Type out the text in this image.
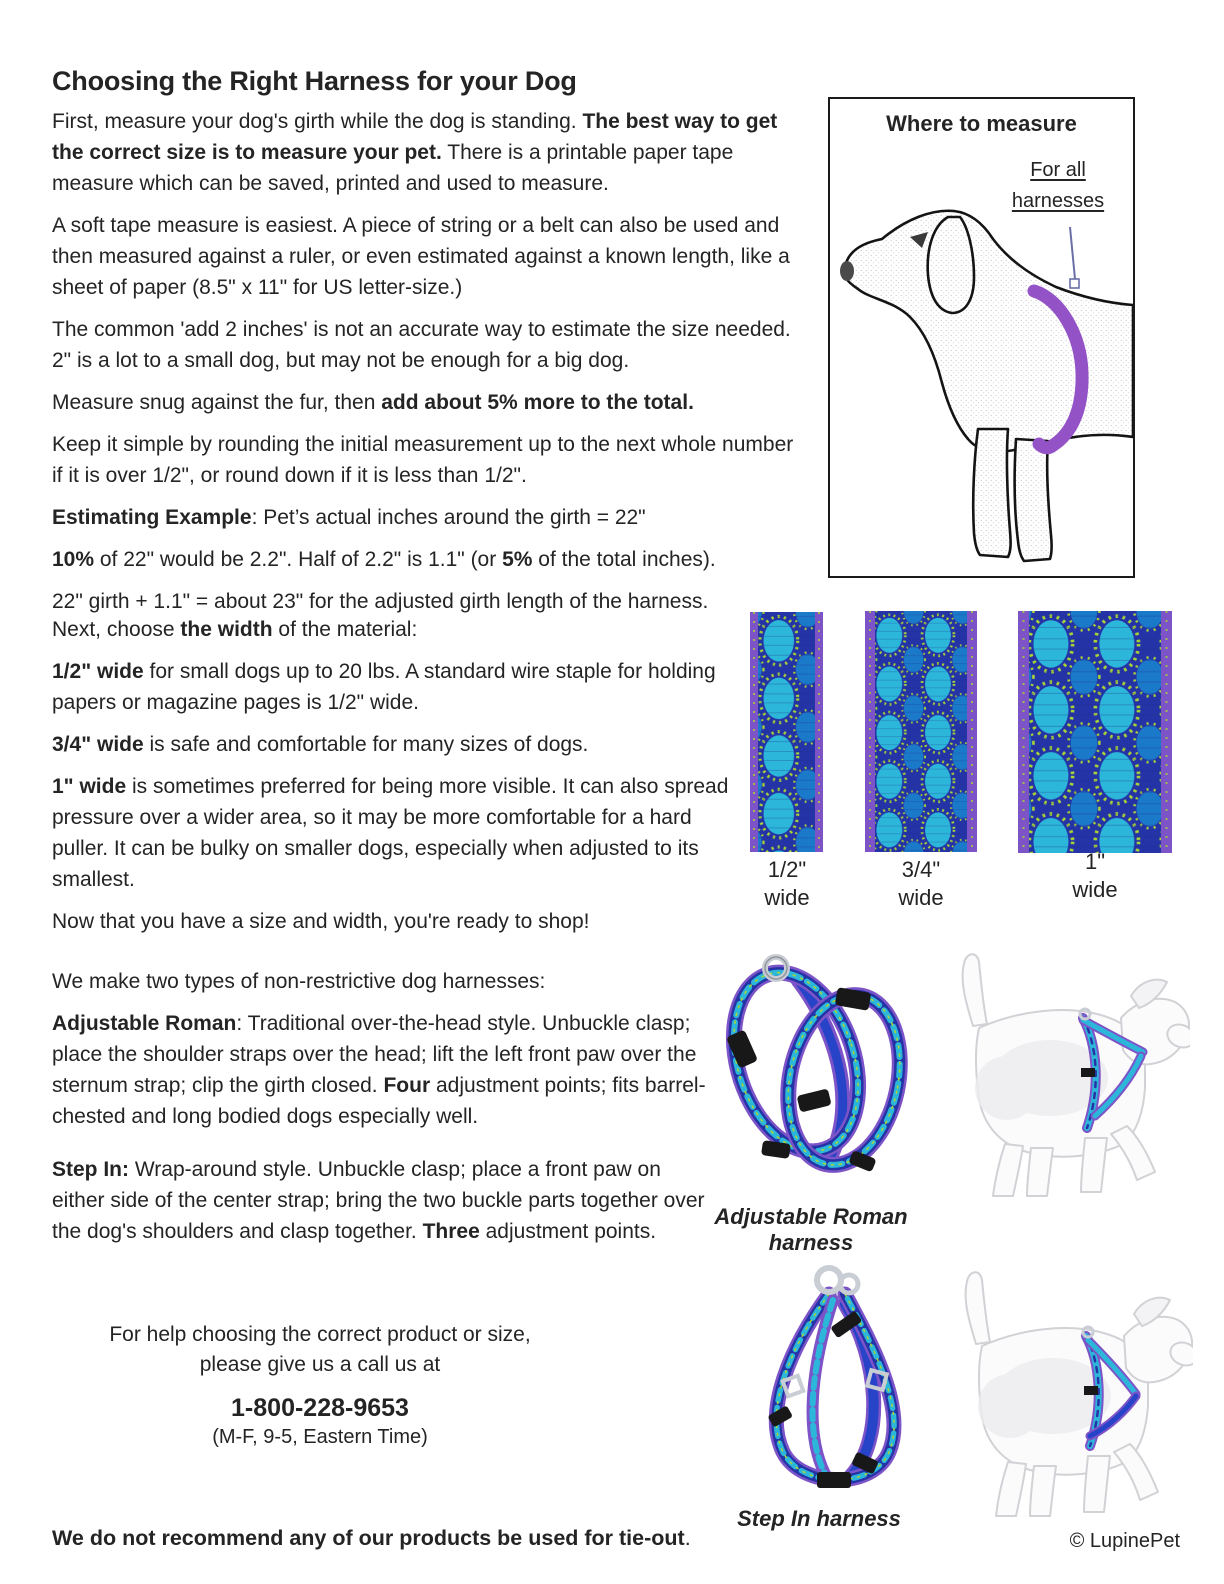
Choosing the Right Harness for your Dog

First, measure your dog's girth while the dog is standing. The best way to get the correct size is to measure your pet. There is a printable paper tape measure which can be saved, printed and used to measure.

A soft tape measure is easiest. A piece of string or a belt can also be used and then measured against a ruler, or even estimated against a known length, like a sheet of paper (8.5" x 11" for US letter-size.)

The common 'add 2 inches' is not an accurate way to estimate the size needed. 2" is a lot to a small dog, but may not be enough for a big dog.

Measure snug against the fur, then add about 5% more to the total.

Keep it simple by rounding the initial measurement up to the next whole number if it is over 1/2", or round down if it is less than 1/2".

Estimating Example: Pet’s actual inches around the girth = 22"

10% of 22" would be 2.2". Half of 2.2" is 1.1" (or 5% of the total inches).

22" girth + 1.1" = about 23" for the adjusted girth length of the harness.

Next, choose the width of the material:

1/2" wide for small dogs up to 20 lbs. A standard wire staple for holding papers or magazine pages is 1/2" wide.

3/4" wide is safe and comfortable for many sizes of dogs.

1" wide is sometimes preferred for being more visible. It can also spread pressure over a wider area, so it may be more comfortable for a hard puller. It can be bulky on smaller dogs, especially when adjusted to its smallest.

Now that you have a size and width, you're ready to shop!

We make two types of non-restrictive dog harnesses:

Adjustable Roman: Traditional over-the-head style. Unbuckle clasp; place the shoulder straps over the head; lift the left front paw over the sternum strap; clip the girth closed. Four adjustment points; fits barrel-chested and long bodied dogs especially well.

Step In: Wrap-around style. Unbuckle clasp; place a front paw on either side of the center strap; bring the two buckle parts together over the dog's shoulders and clasp together. Three adjustment points.

For help choosing the correct product or size,
please give us a call us at
1-800-228-9653
(M-F, 9-5, Eastern Time)
We do not recommend any of our products be used for tie-out.	© LupinePet
Where to measure
For all
harnesses
1/2"
wide
3/4"
wide
1"
wide
Adjustable Roman harness
Step In harness
